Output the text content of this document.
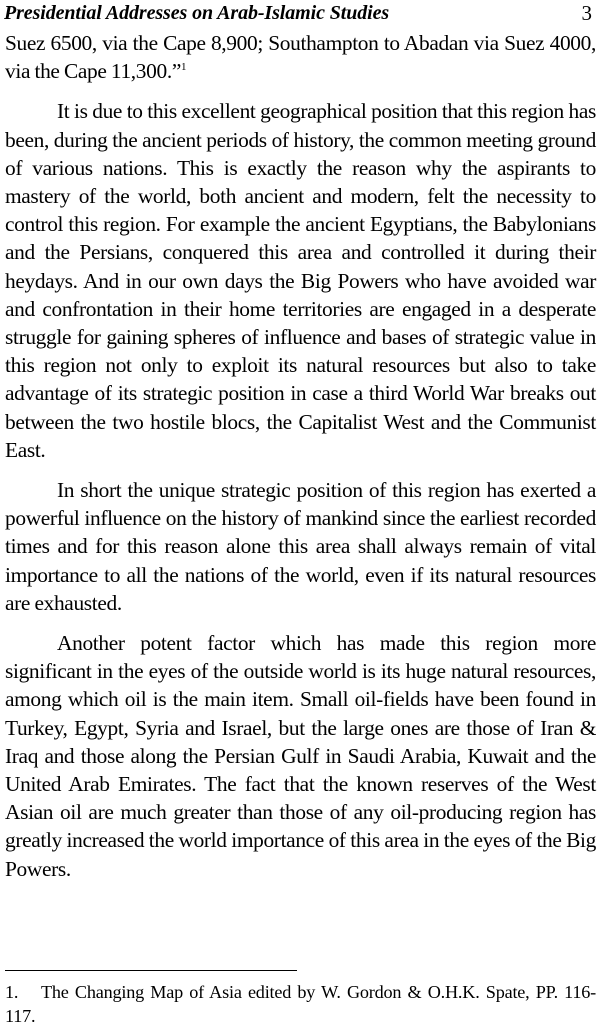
Presidential Addresses on Arab-Islamic Studies	3

Suez 6500, via the Cape 8,900; Southampton to Abadan via Suez 4000, via the Cape 11,300.”$^1$

It is due to this excellent geographical position that this region has been, during the ancient periods of history, the common meeting ground of various nations. This is exactly the reason why the aspirants to mastery of the world, both ancient and modern, felt the necessity to control this region. For example the ancient Egyptians, the Babylonians and the Persians, conquered this area and controlled it during their heydays. And in our own days the Big Powers who have avoided war and confrontation in their home territories are engaged in a desperate struggle for gaining spheres of influence and bases of strategic value in this region not only to exploit its natural resources but also to take advantage of its strategic position in case a third World War breaks out between the two hostile blocs, the Capitalist West and the Communist East.

In short the unique strategic position of this region has exerted a powerful influence on the history of mankind since the earliest recorded times and for this reason alone this area shall always remain of vital importance to all the nations of the world, even if its natural resources are exhausted.

Another potent factor which has made this region more significant in the eyes of the outside world is its huge natural resources, among which oil is the main item. Small oil-fields have been found in Turkey, Egypt, Syria and Israel, but the large ones are those of Iran & Iraq and those along the Persian Gulf in Saudi Arabia, Kuwait and the United Arab Emirates. The fact that the known reserves of the West Asian oil are much greater than those of any oil-producing region has greatly increased the world importance of this area in the eyes of the Big Powers.

1. The Changing Map of Asia edited by W. Gordon & O.H.K. Spate, PP. 116-117.
